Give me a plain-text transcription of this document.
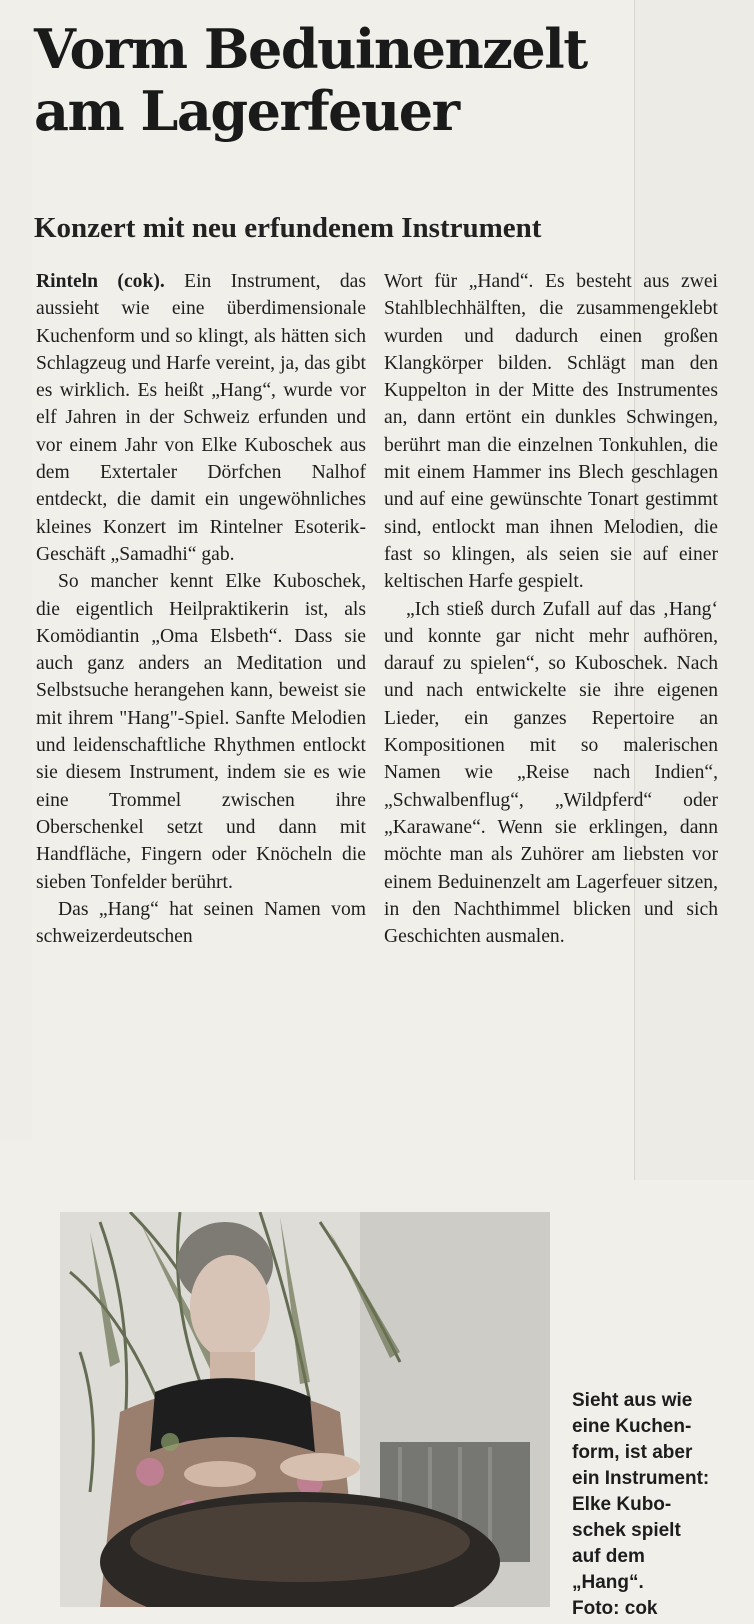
Vorm Beduinenzelt
am Lagerfeuer
Konzert mit neu erfundenem Instrument

Rinteln (cok). Ein Instrument, das aussieht wie eine überdimensionale Kuchenform und so klingt, als hätten sich Schlagzeug und Harfe vereint, ja, das gibt es wirklich. Es heißt „Hang“, wurde vor elf Jahren in der Schweiz erfunden und vor einem Jahr von Elke Kuboschek aus dem Extertaler Dörfchen Nalhof entdeckt, die damit ein ungewöhnliches kleines Konzert im Rintelner Esoterik-Geschäft „Samadhi“ gab.

So mancher kennt Elke Kuboschek, die eigentlich Heilpraktikerin ist, als Komödiantin „Oma Elsbeth“. Dass sie auch ganz anders an Meditation und Selbstsuche herangehen kann, beweist sie mit ihrem "Hang"-Spiel. Sanfte Melodien und leidenschaftliche Rhythmen entlockt sie diesem Instrument, indem sie es wie eine Trommel zwischen ihre Oberschenkel setzt und dann mit Handfläche, Fingern oder Knöcheln die sieben Tonfelder berührt.

Das „Hang“ hat seinen Namen vom schweizerdeutschen

Wort für „Hand“. Es besteht aus zwei Stahlblechhälften, die zusammengeklebt wurden und dadurch einen großen Klangkörper bilden. Schlägt man den Kuppelton in der Mitte des Instrumentes an, dann ertönt ein dunkles Schwingen, berührt man die einzelnen Tonkuhlen, die mit einem Hammer ins Blech geschlagen und auf eine gewünschte Tonart gestimmt sind, entlockt man ihnen Melodien, die fast so klingen, als seien sie auf einer keltischen Harfe gespielt.

„Ich stieß durch Zufall auf das ‚Hang‘ und konnte gar nicht mehr aufhören, darauf zu spielen“, so Kuboschek. Nach und nach entwickelte sie ihre eigenen Lieder, ein ganzes Repertoire an Kompositionen mit so malerischen Namen wie „Reise nach Indien“, „Schwalbenflug“, „Wildpferd“ oder „Karawane“. Wenn sie erklingen, dann möchte man als Zuhörer am liebsten vor einem Beduinenzelt am Lagerfeuer sitzen, in den Nachthimmel blicken und sich Geschichten ausmalen.

Sieht aus wie
eine Kuchen-
form, ist aber
ein Instrument:
Elke Kubo-
schek spielt
auf dem
„Hang“.
Foto: cok
